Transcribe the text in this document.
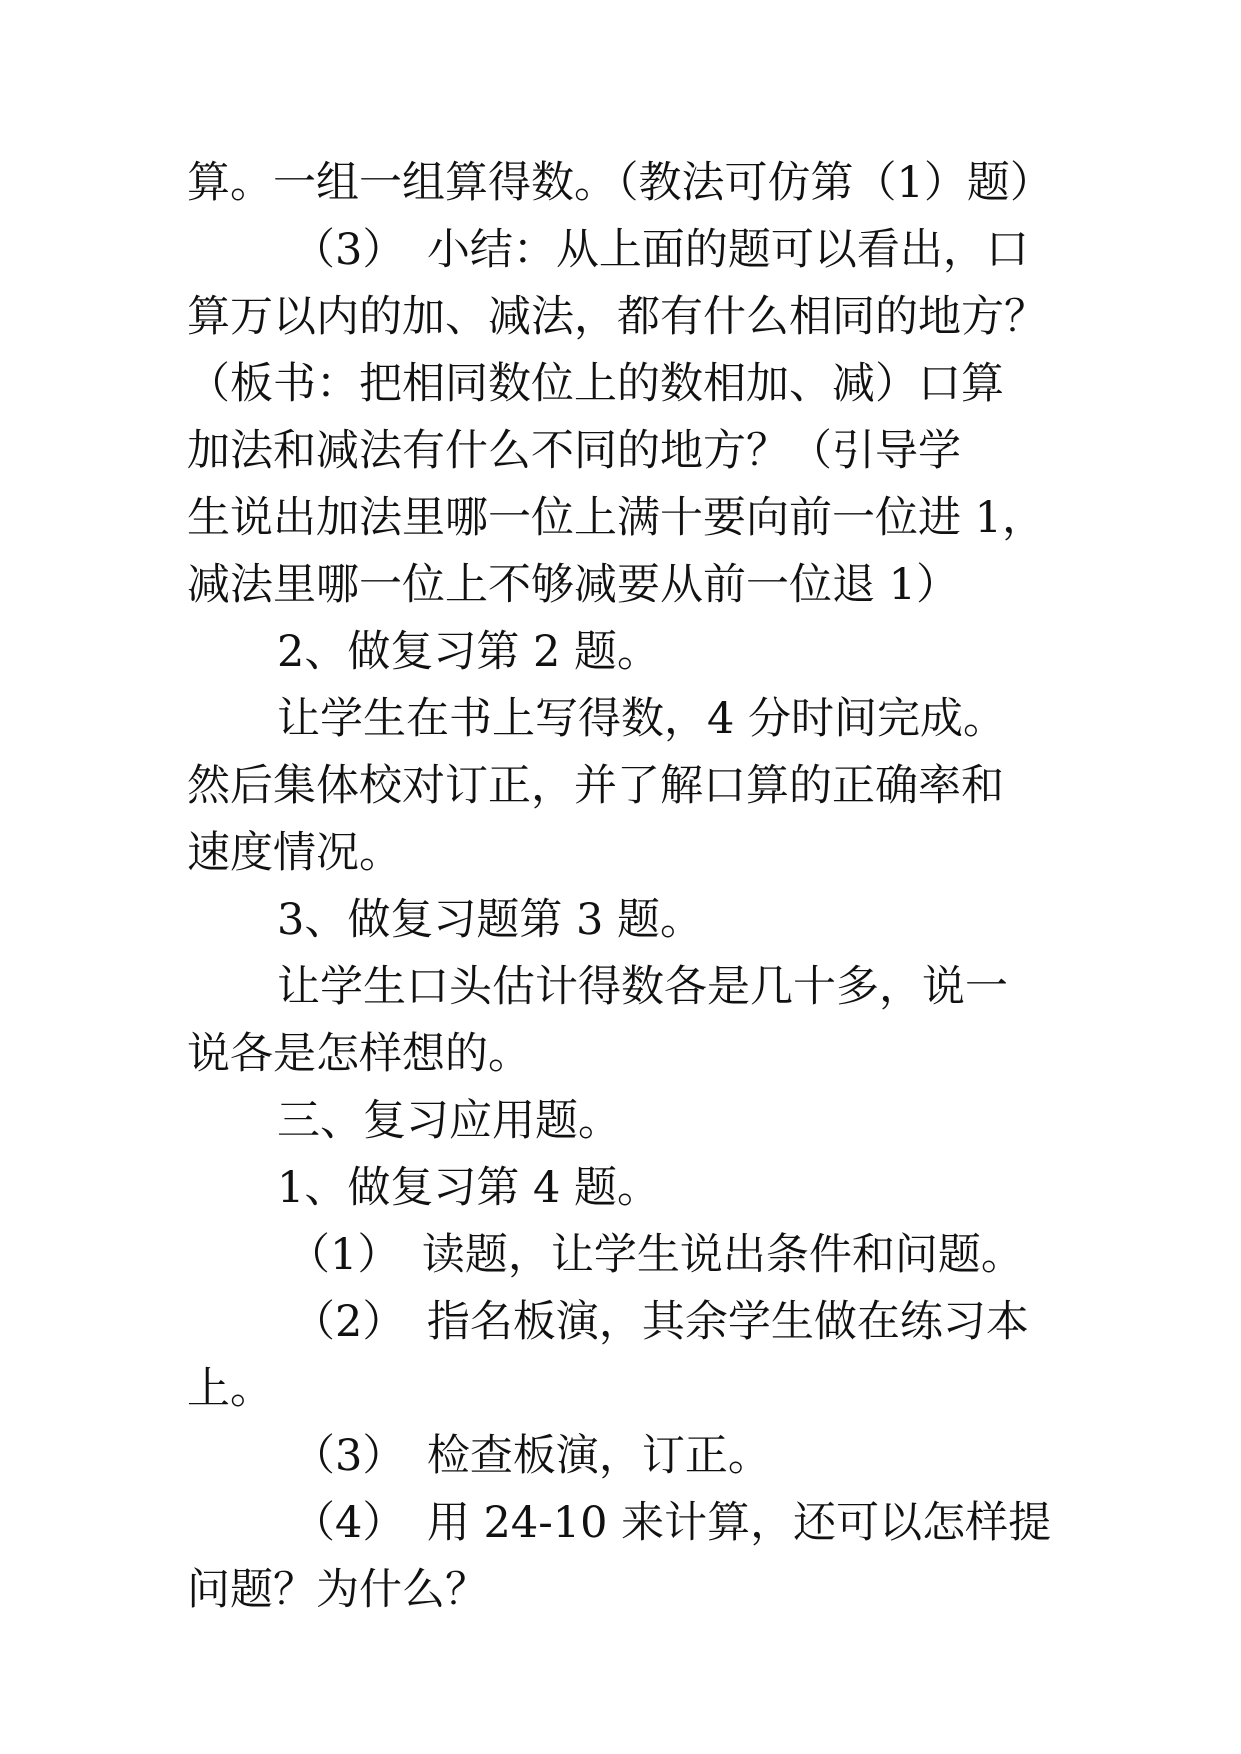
算。一组一组算得数。（教法可仿第（1）题）
（3）　小结：从上面的题可以看出，口
算万以内的加、减法，都有什么相同的地方？
（板书：把相同数位上的数相加、减）口算
加法和减法有什么不同的地方？（引导学
生说出加法里哪一位上满十要向前一位进 1，
减法里哪一位上不够减要从前一位退 1）
2、做复习第 2 题。
让学生在书上写得数，4 分时间完成。
然后集体校对订正，并了解口算的正确率和
速度情况。
3、做复习题第 3 题。
让学生口头估计得数各是几十多，说一
说各是怎样想的。
三、复习应用题。
1、做复习第 4 题。
（1）　读题，让学生说出条件和问题。
（2）　指名板演，其余学生做在练习本
上。
（3）　检查板演，订正。
（4）　用 24-10 来计算，还可以怎样提
问题？为什么？
